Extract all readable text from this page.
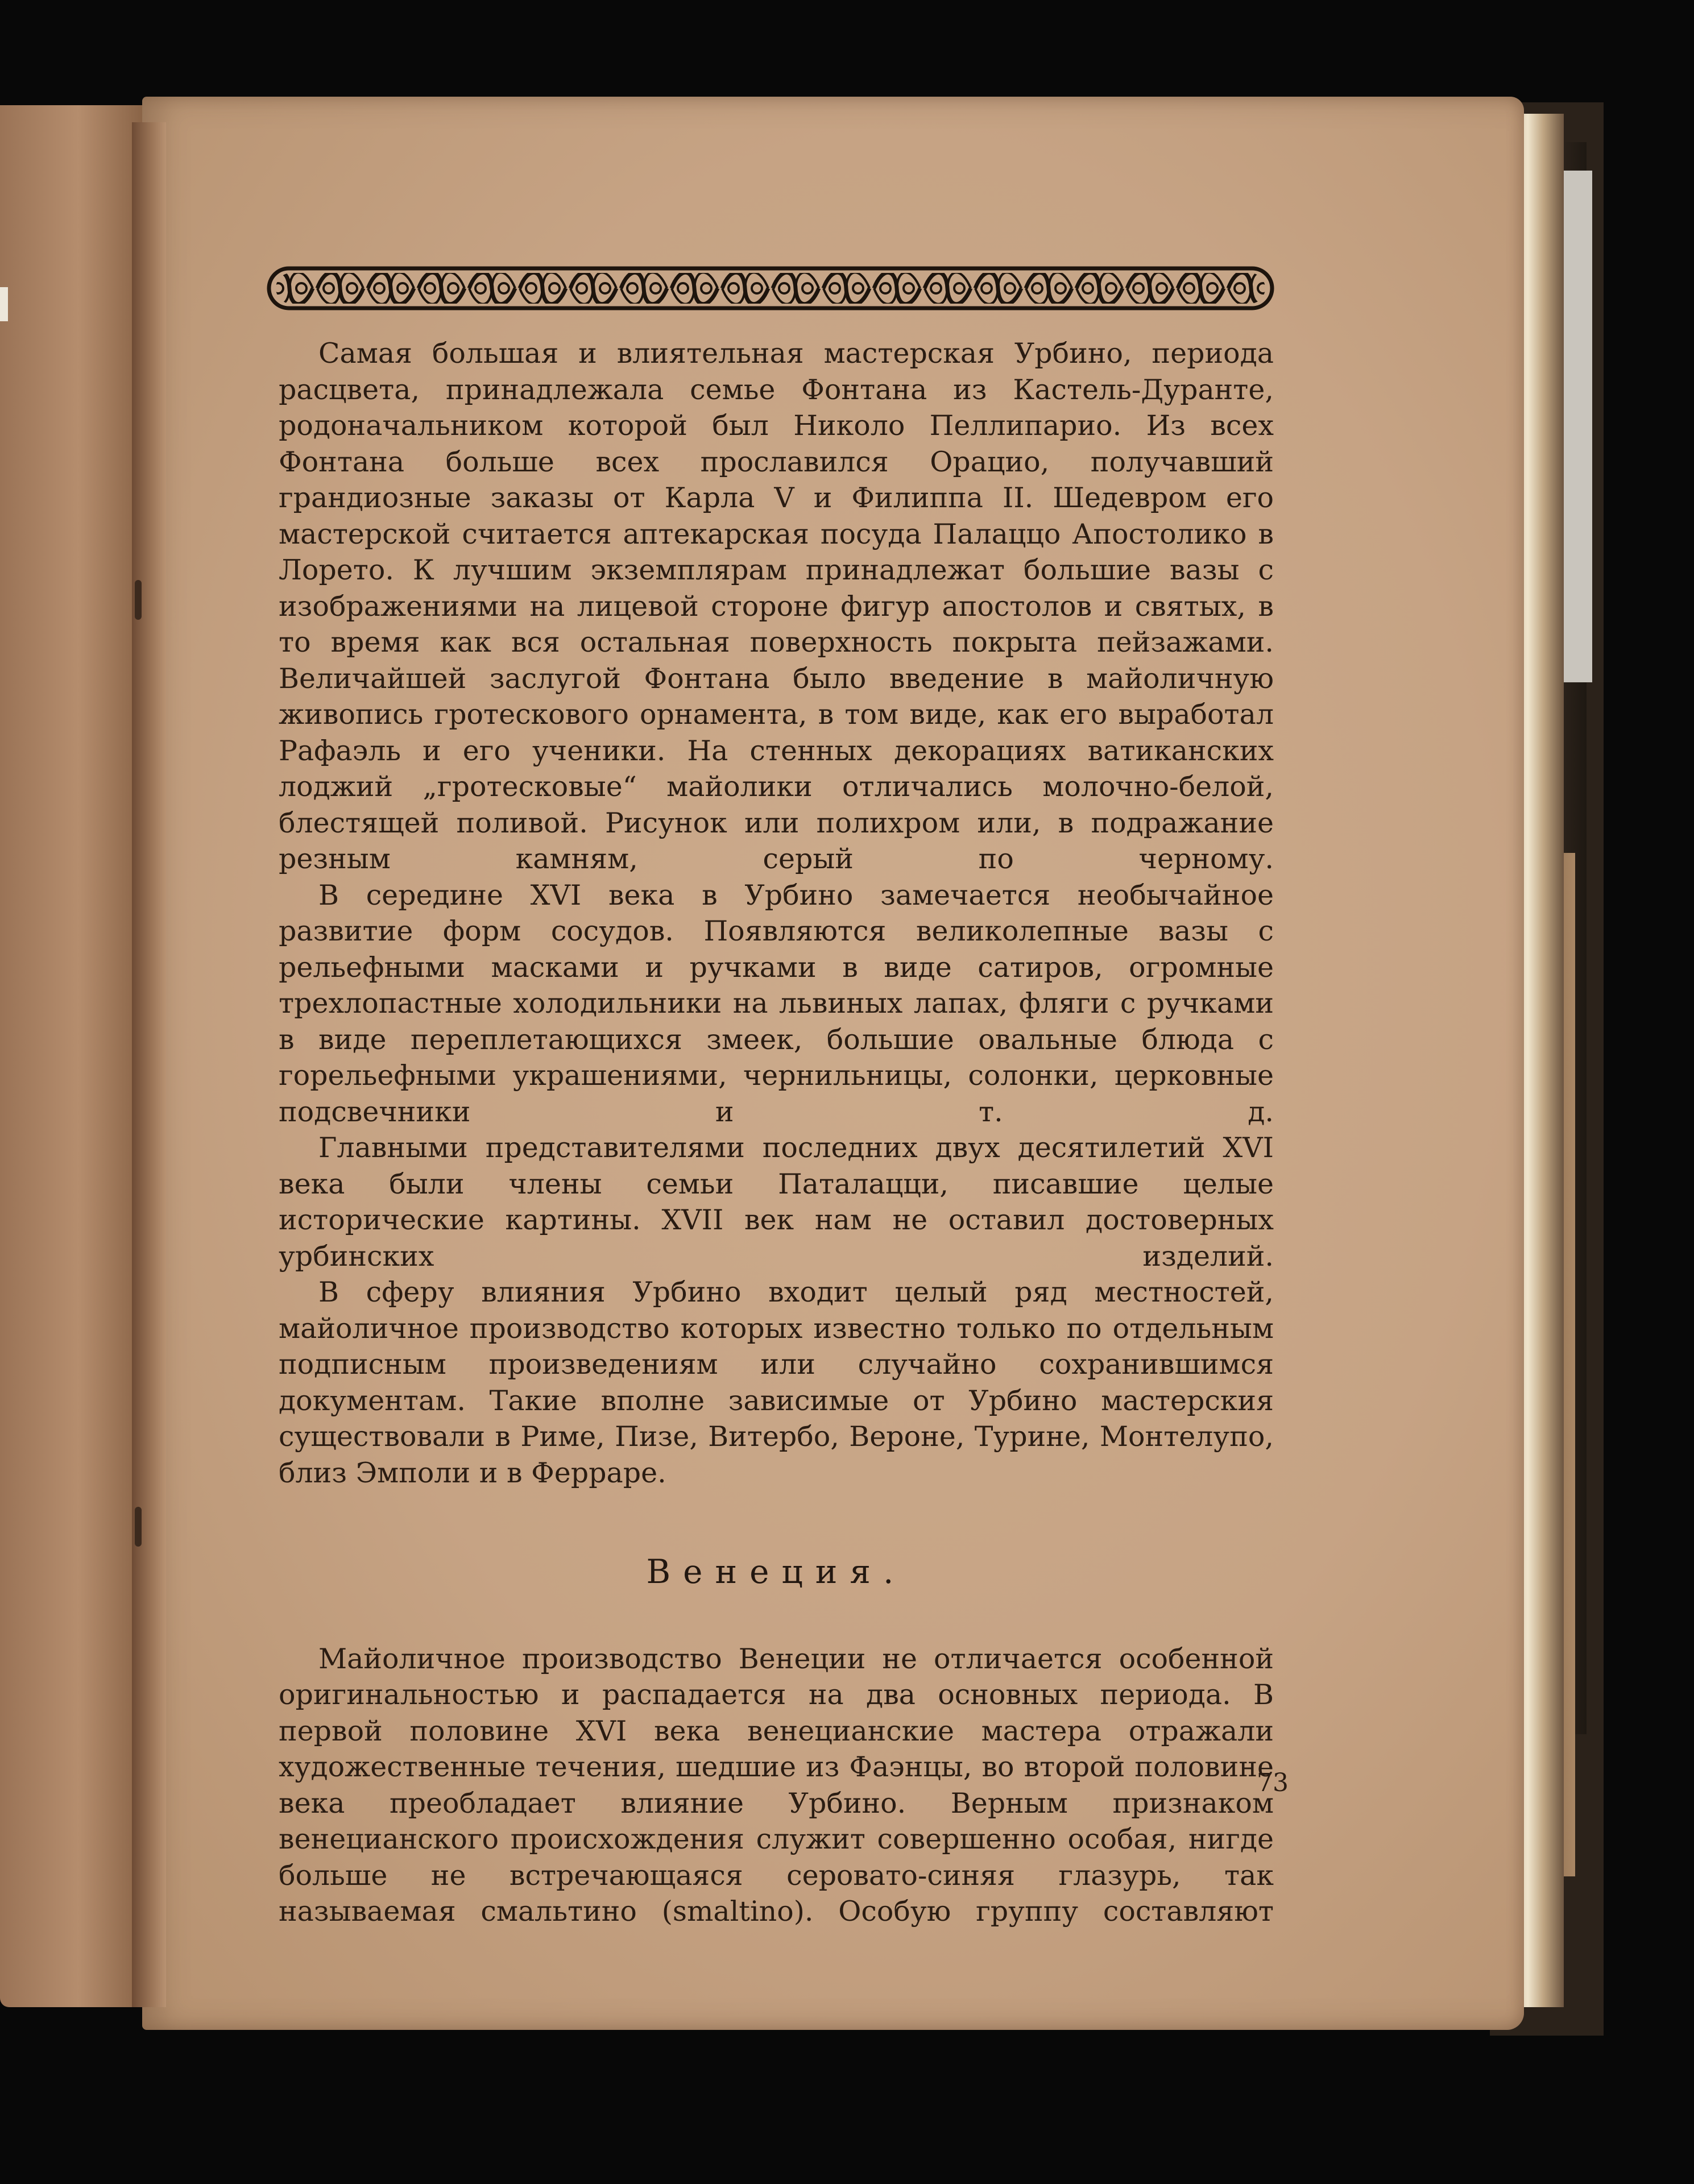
Самая большая и влиятельная мастерская Урбино, периода расцвета, принадлежала семье Фонтана из Кастель-Дуранте, родоначальником которой был Николо Пеллипарио. Из всех Фонтана больше всех прославился Орацио, получавший грандиозные заказы от Карла V и Филиппа II. Шедевром его мастерской считается аптекарская посуда Палаццо Апостолико в Лорето. К лучшим экземплярам принадлежат большие вазы с изображениями на лицевой стороне фигур апостолов и святых, в то время как вся остальная поверхность покрыта пейзажами. Величайшей заслугой Фонтана было введение в майоличную живопись гротескового орнамента, в том виде, как его выработал Рафаэль и его ученики. На стенных декорациях ватиканских лоджий „гротесковые“ майолики отличались молочно-белой, блестящей поливой. Рисунок или полихром или, в подражание резным камням, серый по черному.

В середине XVI века в Урбино замечается необычайное развитие форм сосудов. Появляются великолепные вазы с рельефными масками и ручками в виде сатиров, огромные трехлопастные холодильники на львиных лапах, фляги с ручками в виде переплетающихся змеек, большие овальные блюда с горельефными украшениями, чернильницы, солонки, церковные подсвечники и т. д.

Главными представителями последних двух десятилетий XVI века были члены семьи Паталацци, писавшие целые исторические картины. XVII век нам не оставил достоверных урбинских изделий.

В сферу влияния Урбино входит целый ряд местностей, майоличное производство которых известно только по отдельным подписным произведениям или случайно сохранившимся документам. Такие вполне зависимые от Урбино мастерския существовали в Риме, Пизе, Витербо, Вероне, Турине, Монтелупо, близ Эмполи и в Ферраре.

Венеция.

Майоличное производство Венеции не отличается особенной оригинальностью и распадается на два основных периода. В первой половине XVI века венецианские мастера отражали художественные течения, шедшие из Фаэнцы, во второй половине века преобладает влияние Урбино. Верным признаком венецианского происхождения служит совершенно особая, нигде больше не встречающаяся серовато-синяя глазурь, так называемая смальтино (smaltino). Особую группу составляют

73
